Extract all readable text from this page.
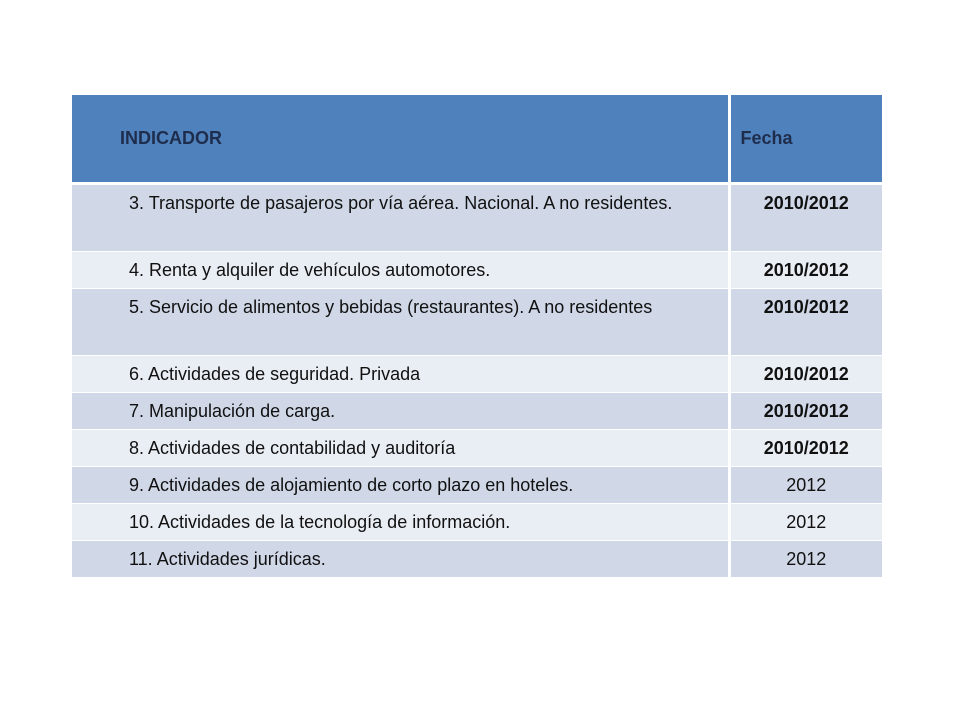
INDICADOR	Fecha
3. Transporte de pasajeros por vía aérea. Nacional. A no residentes.	2010/2012
4. Renta y alquiler de vehículos automotores.	2010/2012
5. Servicio de alimentos y bebidas (restaurantes). A no residentes	2010/2012
6. Actividades de seguridad. Privada	2010/2012
7. Manipulación de carga.	2010/2012
8. Actividades de contabilidad y auditoría	2010/2012
9. Actividades de alojamiento de corto plazo en hoteles.	2012
10. Actividades de la tecnología de información.	2012
11. Actividades jurídicas.	2012
